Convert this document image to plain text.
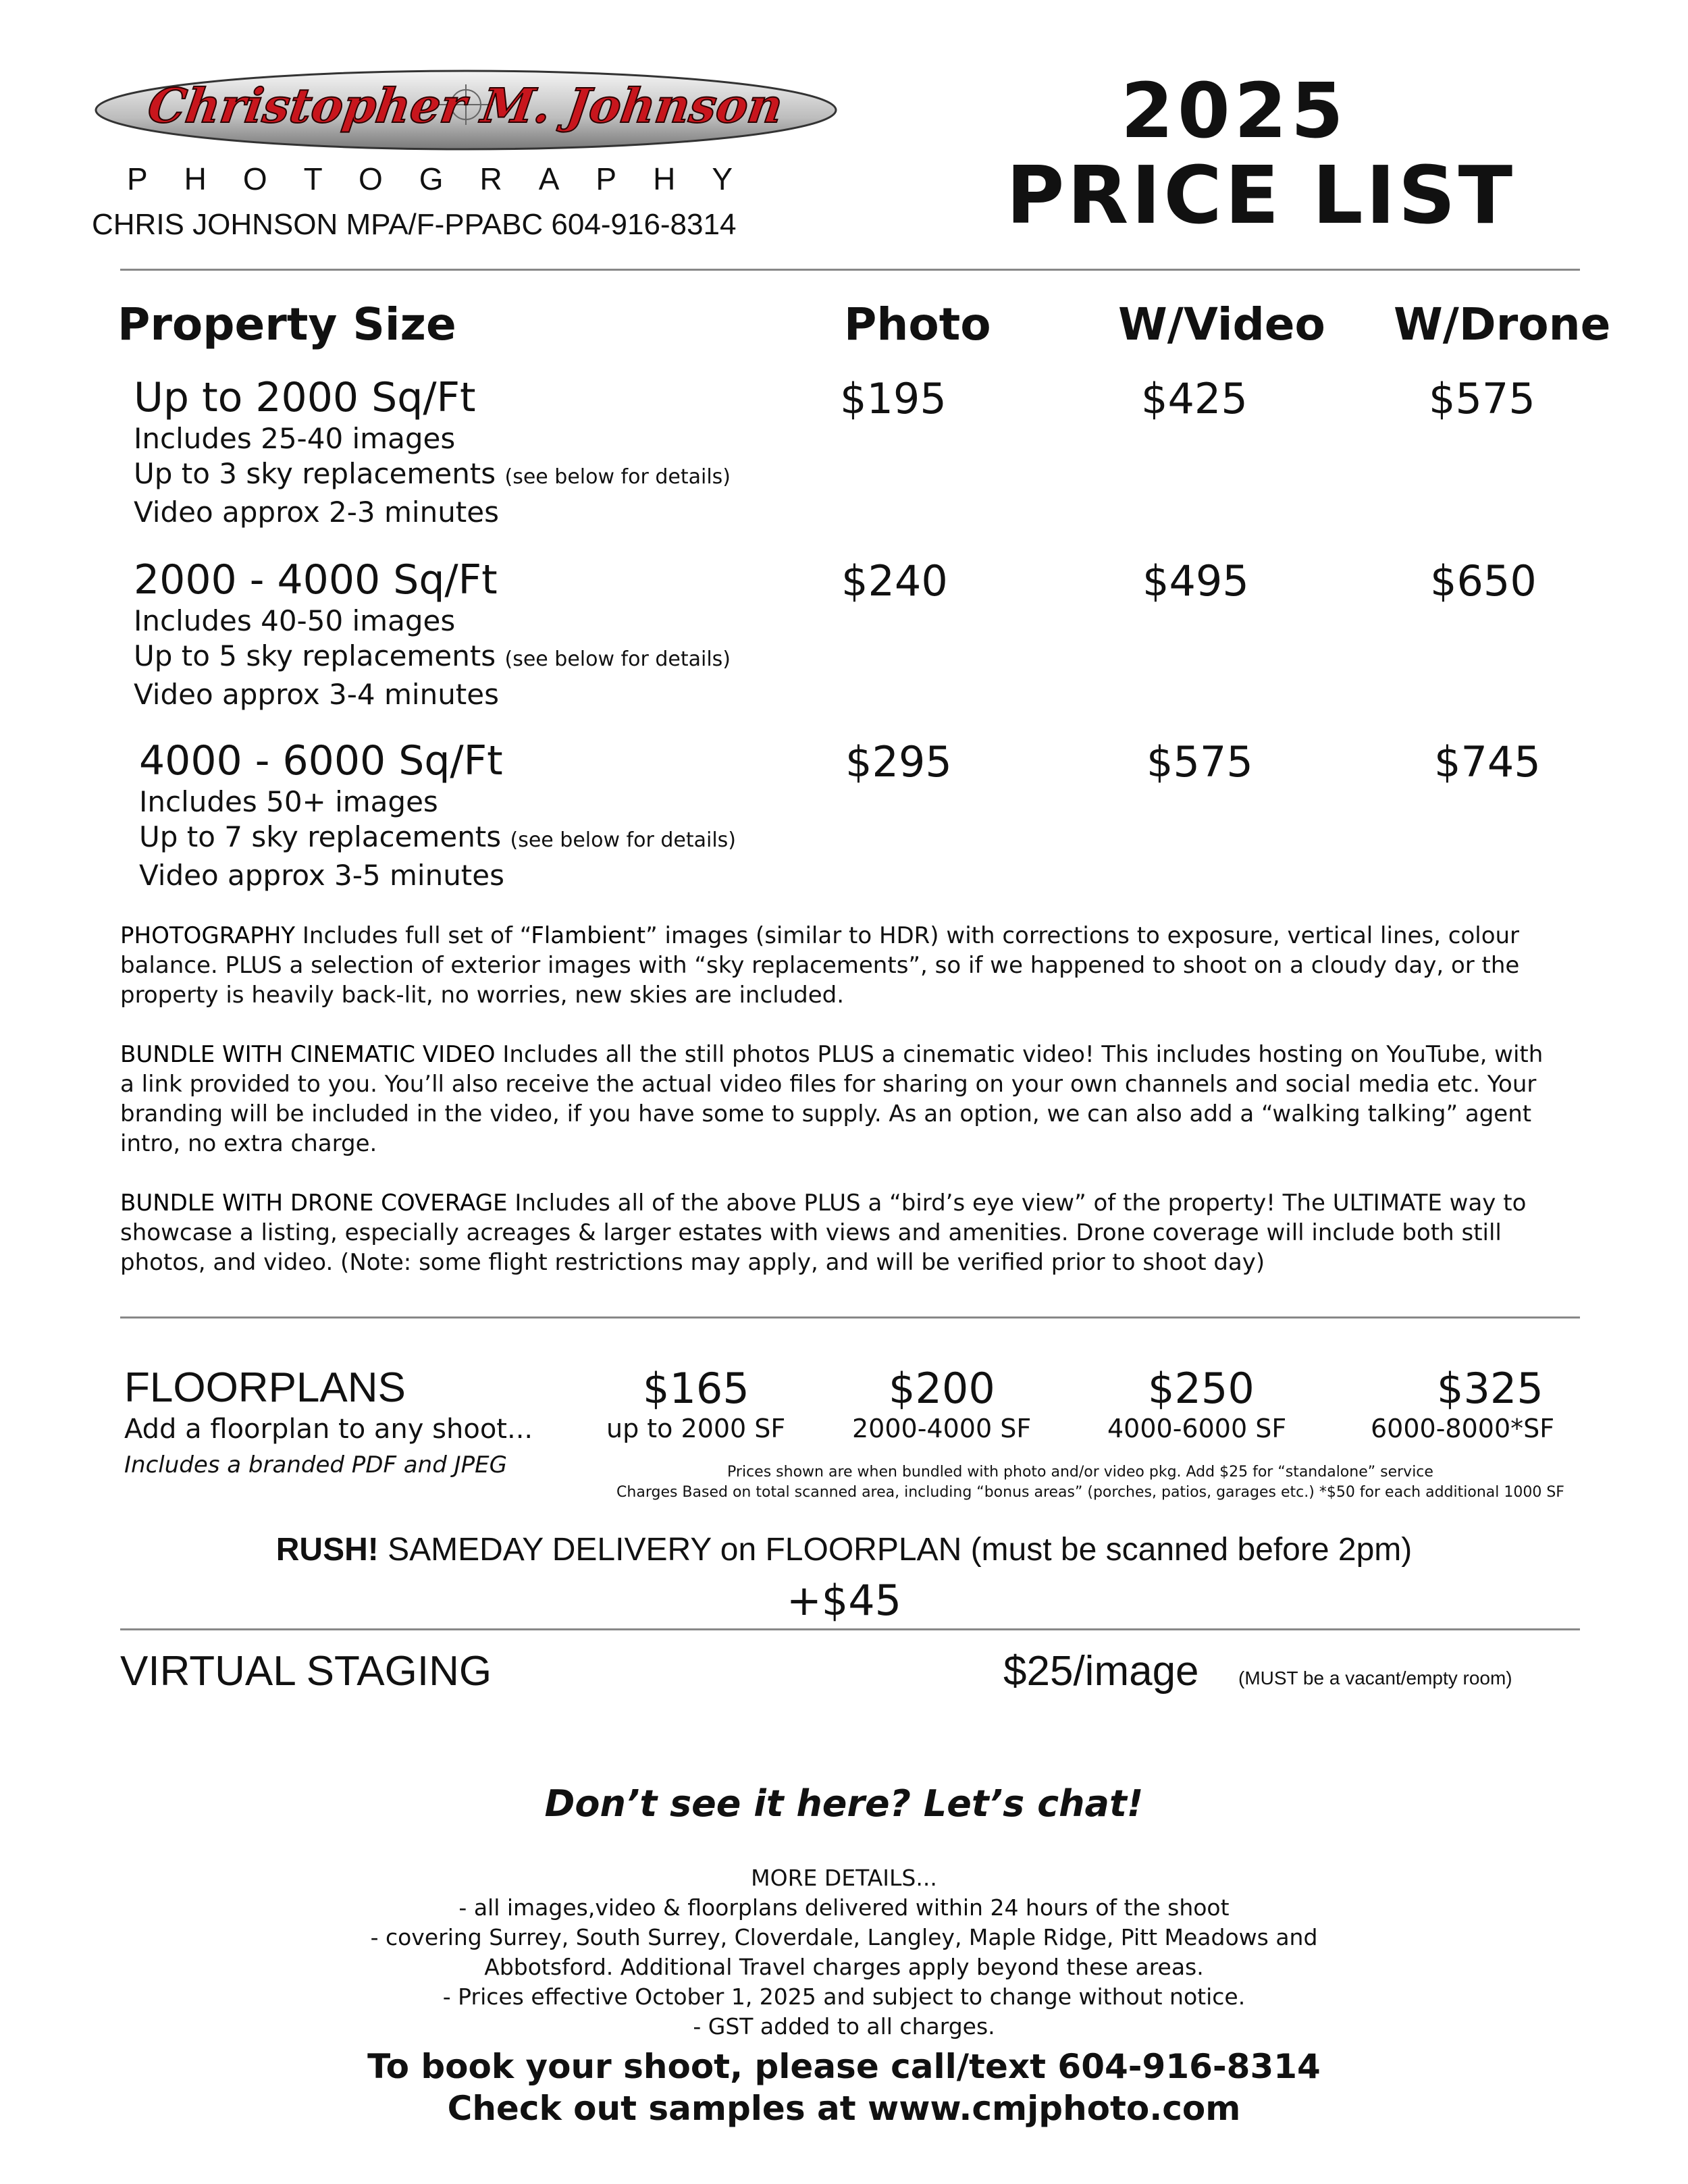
Christopher M. Johnson
PHOTOGRAPHY
CHRIS JOHNSON MPA/F-PPABC 604-916-8314
2025
PRICE LIST
Property Size	Photo	W/Video W/Drone
Up to 2000 Sq/Ft
Includes 25-40 images
Up to 3 sky replacements (see below for details)
Video approx 2-3 minutes
$195	$425	$575
2000 - 4000 Sq/Ft
Includes 40-50 images
Up to 5 sky replacements (see below for details)
Video approx 3-4 minutes
$240	$495	$650
4000 - 6000 Sq/Ft
Includes 50+ images
Up to 7 sky replacements (see below for details)
Video approx 3-5 minutes
$295	$575	$745
PHOTOGRAPHY Includes full set of “Flambient” images (similar to HDR) with corrections to exposure, vertical lines, colour balance. PLUS a selection of exterior images with “sky replacements”, so if we happened to shoot on a cloudy day, or the property is heavily back-lit, no worries, new skies are included.
BUNDLE WITH CINEMATIC VIDEO Includes all the still photos PLUS a cinematic video! This includes hosting on YouTube, with a link provided to you. You’ll also receive the actual video files for sharing on your own channels and social media etc. Your branding will be included in the video, if you have some to supply. As an option, we can also add a “walking talking” agent intro, no extra charge.
BUNDLE WITH DRONE COVERAGE Includes all of the above PLUS a “bird’s eye view” of the property! The ULTIMATE way to showcase a listing, especially acreages & larger estates with views and amenities. Drone coverage will include both still photos, and video. (Note: some flight restrictions may apply, and will be verified prior to shoot day)
FLOORPLANS
Add a floorplan to any shoot...
Includes a branded PDF and JPEG
$165	$200	$250	$325
up to 2000 SF	2000-4000 SF	4000-6000 SF	6000-8000*SF
Prices shown are when bundled with photo and/or video pkg. Add $25 for “standalone” service
Charges Based on total scanned area, including “bonus areas” (porches, patios, garages etc.) *$50 for each additional 1000 SF
RUSH! SAMEDAY DELIVERY on FLOORPLAN (must be scanned before 2pm)
+$45
VIRTUAL STAGING	$25/image (MUST be a vacant/empty room)
Don’t see it here? Let’s chat!
MORE DETAILS...
- all images,video & floorplans delivered within 24 hours of the shoot
- covering Surrey, South Surrey, Cloverdale, Langley, Maple Ridge, Pitt Meadows and
Abbotsford. Additional Travel charges apply beyond these areas.
- Prices effective October 1, 2025 and subject to change without notice.
- GST added to all charges.
To book your shoot, please call/text 604-916-8314
Check out samples at www.cmjphoto.com
